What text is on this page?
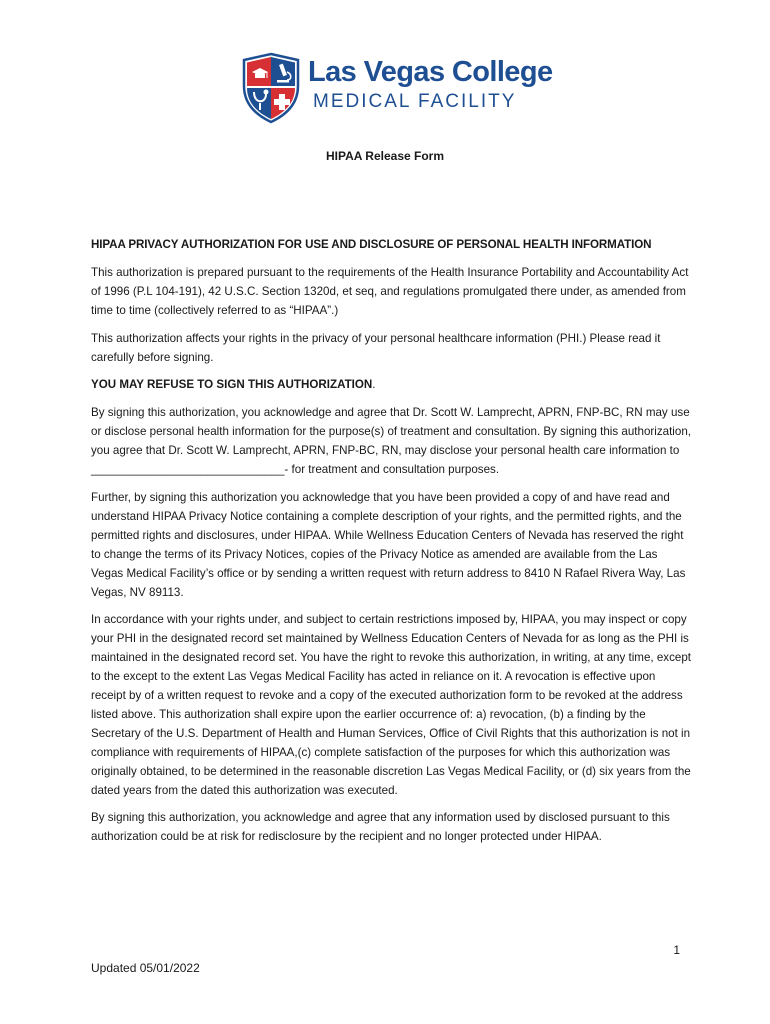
Las Vegas College
MEDICAL FACILITY
HIPAA Release Form

HIPAA PRIVACY AUTHORIZATION FOR USE AND DISCLOSURE OF PERSONAL HEALTH INFORMATION

This authorization is prepared pursuant to the requirements of the Health Insurance Portability and Accountability Act of 1996 (P.L 104-191), 42 U.S.C. Section 1320d, et seq, and regulations promulgated there under, as amended from time to time (collectively referred to as “HIPAA”.)

This authorization affects your rights in the privacy of your personal healthcare information (PHI.) Please read it carefully before signing.

YOU MAY REFUSE TO SIGN THIS AUTHORIZATION.

By signing this authorization, you acknowledge and agree that Dr. Scott W. Lamprecht, APRN, FNP-BC, RN may use or disclose personal health information for the purpose(s) of treatment and consultation. By signing this authorization, you agree that Dr. Scott W. Lamprecht, APRN, FNP-BC, RN, may disclose your personal health care information to ______________________________- for treatment and consultation purposes.

Further, by signing this authorization you acknowledge that you have been provided a copy of and have read and understand HIPAA Privacy Notice containing a complete description of your rights, and the permitted rights, and the permitted rights and disclosures, under HIPAA. While Wellness Education Centers of Nevada has reserved the right to change the terms of its Privacy Notices, copies of the Privacy Notice as amended are available from the Las Vegas Medical Facility’s office or by sending a written request with return address to 8410 N Rafael Rivera Way, Las Vegas, NV 89113.

In accordance with your rights under, and subject to certain restrictions imposed by, HIPAA, you may inspect or copy your PHI in the designated record set maintained by Wellness Education Centers of Nevada for as long as the PHI is maintained in the designated record set. You have the right to revoke this authorization, in writing, at any time, except to the except to the extent Las Vegas Medical Facility has acted in reliance on it. A revocation is effective upon receipt by of a written request to revoke and a copy of the executed authorization form to be revoked at the address listed above. This authorization shall expire upon the earlier occurrence of: a) revocation, (b) a finding by the Secretary of the U.S. Department of Health and Human Services, Office of Civil Rights that this authorization is not in compliance with requirements of HIPAA,(c) complete satisfaction of the purposes for which this authorization was originally obtained, to be determined in the reasonable discretion Las Vegas Medical Facility, or (d) six years from the dated years from the dated this authorization was executed.

By signing this authorization, you acknowledge and agree that any information used by disclosed pursuant to this authorization could be at risk for redisclosure by the recipient and no longer protected under HIPAA.

1
Updated 05/01/2022
